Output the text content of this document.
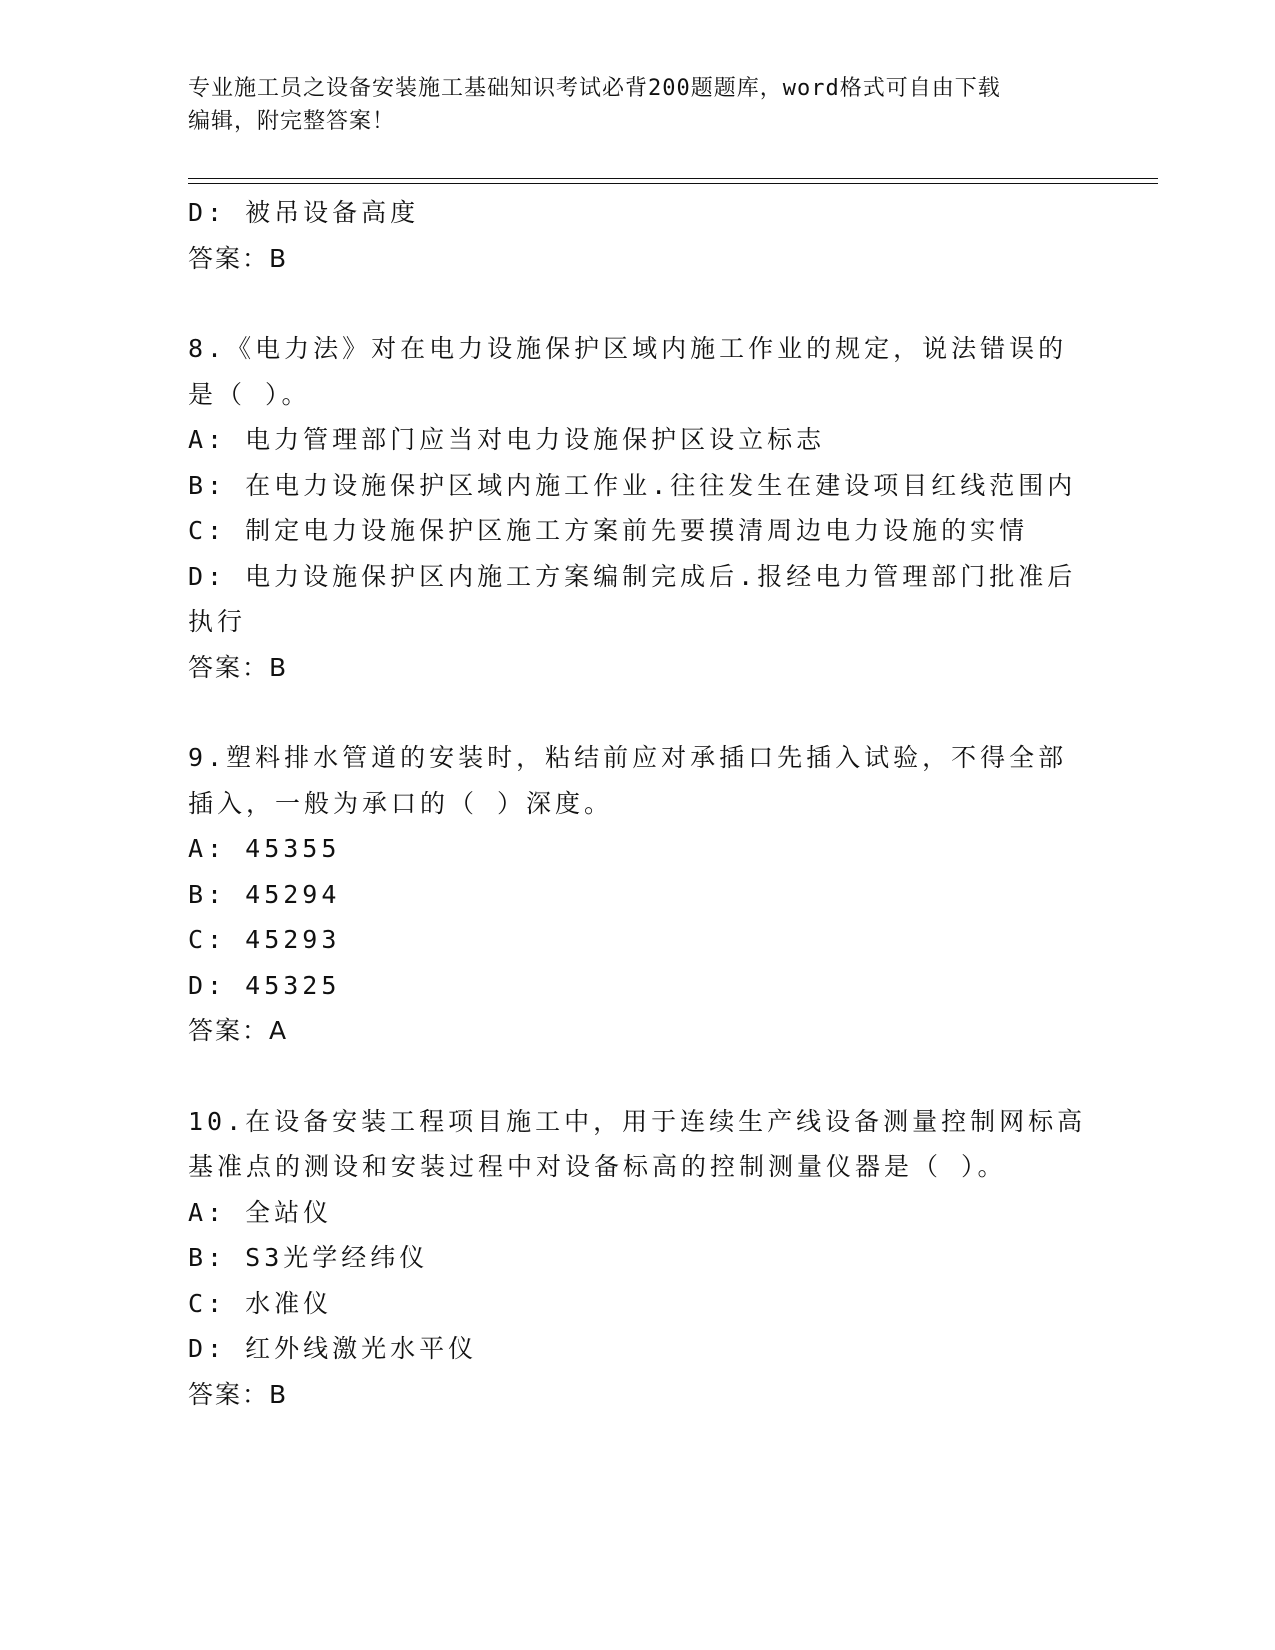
专业施工员之设备安装施工基础知识考试必背200题题库，word格式可自由下载
编辑，附完整答案！
D: 被吊设备高度
答案：B
8.《电力法》对在电力设施保护区域内施工作业的规定，说法错误的
是（ ）。
A: 电力管理部门应当对电力设施保护区设立标志
B: 在电力设施保护区域内施工作业.往往发生在建设项目红线范围内
C: 制定电力设施保护区施工方案前先要摸清周边电力设施的实情
D: 电力设施保护区内施工方案编制完成后.报经电力管理部门批准后
执行
答案：B
9.塑料排水管道的安装时，粘结前应对承插口先插入试验，不得全部
插入，一般为承口的（ ）深度。
A: 45355
B: 45294
C: 45293
D: 45325
答案：A
10.在设备安装工程项目施工中，用于连续生产线设备测量控制网标高
基准点的测设和安装过程中对设备标高的控制测量仪器是（ ）。
A: 全站仪
B: S3光学经纬仪
C: 水准仪
D: 红外线激光水平仪
答案：B
